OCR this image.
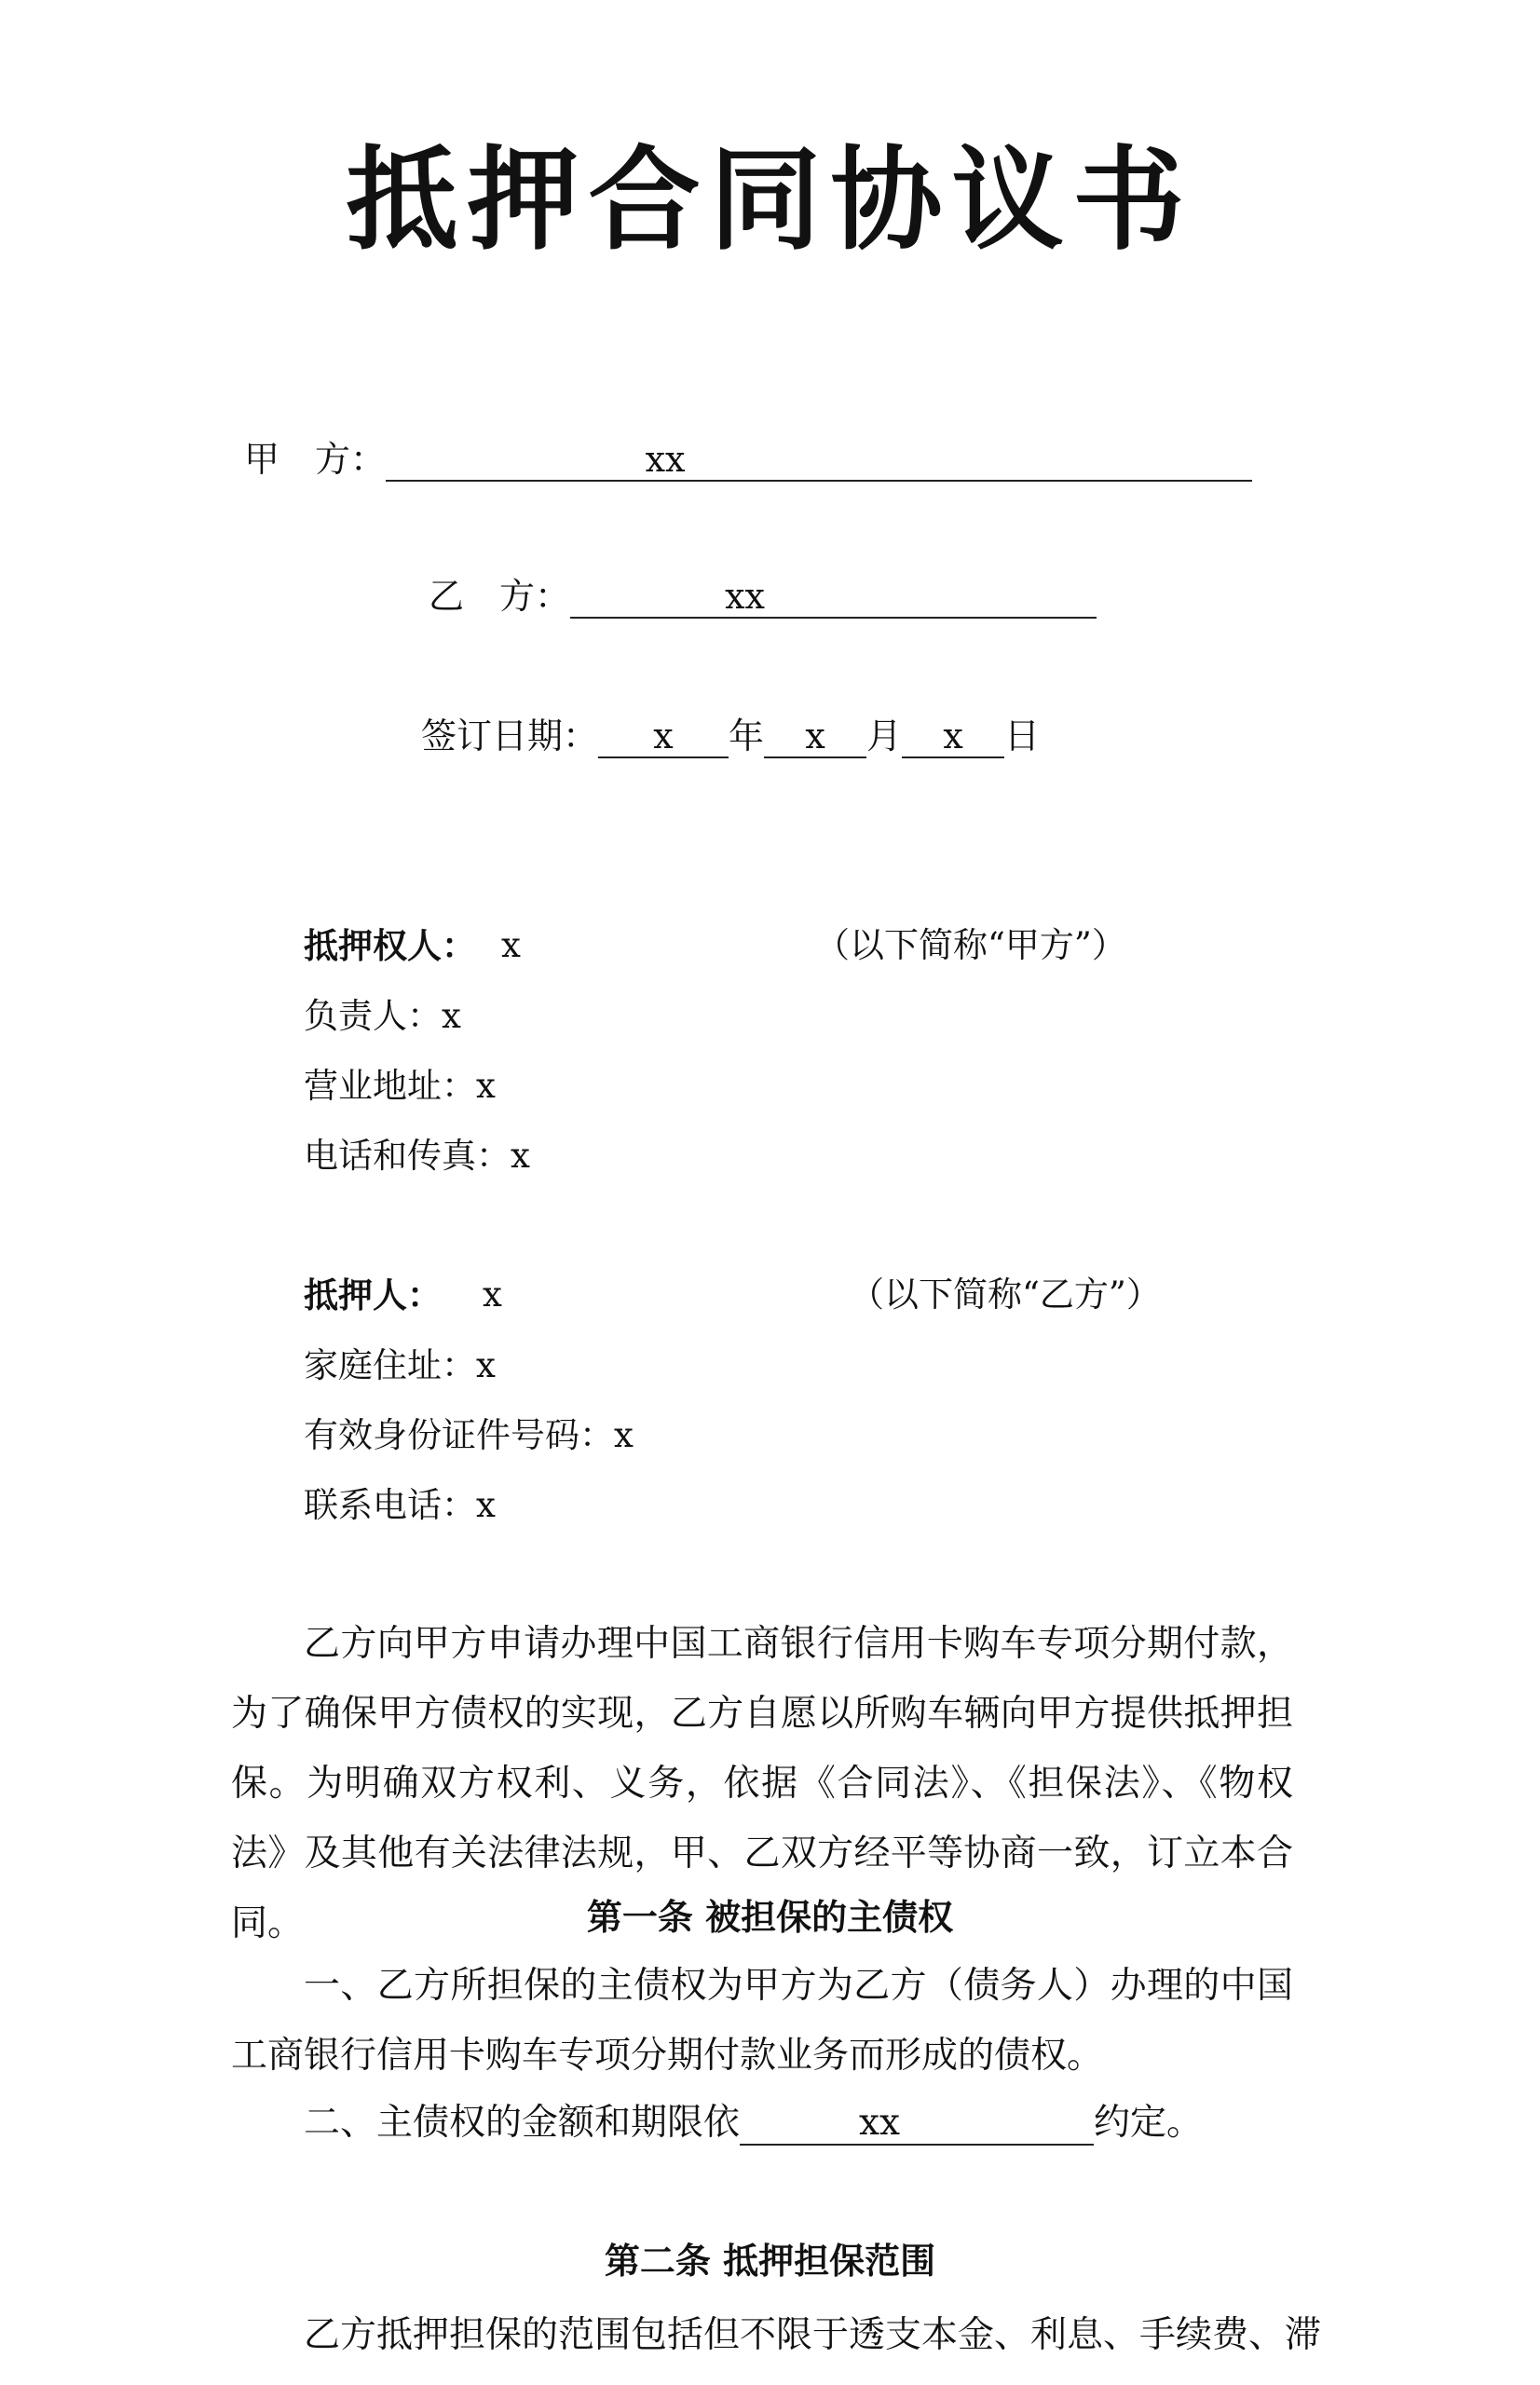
抵押合同协议书
甲　方：	xx
乙　方：	xx
签订日期： x 年 x 月 x 日
抵押权人： x	（以下简称“甲方”）
负责人：x
营业地址：x
电话和传真：x
抵押人： x	（以下简称“乙方”）
家庭住址：x
有效身份证件号码：x
联系电话：x
乙方向甲方申请办理中国工商银行信用卡购车专项分期付款，为了确保甲方债权的实现，乙方自愿以所购车辆向甲方提供抵押担保。为明确双方权利、义务，依据《合同法》、《担保法》、《物权法》及其他有关法律法规，甲、乙双方经平等协商一致，订立本合同。	第一条 被担保的主债权
一、乙方所担保的主债权为甲方为乙方（债务人）办理的中国工商银行信用卡购车专项分期付款业务而形成的债权。
二、主债权的金额和期限依	xx	约定。
第二条 抵押担保范围
乙方抵押担保的范围包括但不限于透支本金、利息、手续费、滞
